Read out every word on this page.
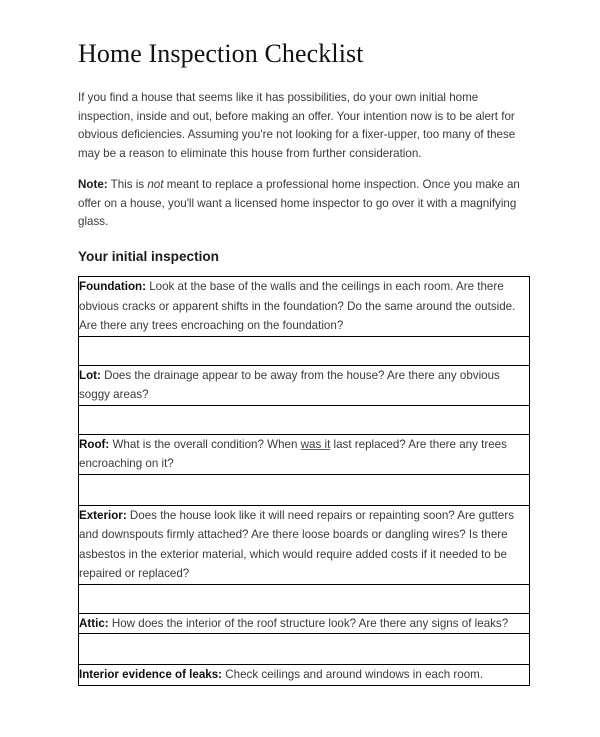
Home Inspection Checklist

If you find a house that seems like it has possibilities, do your own initial home inspection, inside and out, before making an offer. Your intention now is to be alert for obvious deficiencies. Assuming you're not looking for a fixer-upper, too many of these may be a reason to eliminate this house from further consideration.

Note: This is not meant to replace a professional home inspection. Once you make an offer on a house, you'll want a licensed home inspector to go over it with a magnifying glass.

Your initial inspection
Foundation: Look at the base of the walls and the ceilings in each room. Are there obvious cracks or apparent shifts in the foundation? Do the same around the outside. Are there any trees encroaching on the foundation?

Lot: Does the drainage appear to be away from the house? Are there any obvious soggy areas?

Roof: What is the overall condition? When was it last replaced? Are there any trees encroaching on it?

Exterior: Does the house look like it will need repairs or repainting soon? Are gutters and downspouts firmly attached? Are there loose boards or dangling wires? Is there asbestos in the exterior material, which would require added costs if it needed to be repaired or replaced?

Attic: How does the interior of the roof structure look? Are there any signs of leaks?

Interior evidence of leaks: Check ceilings and around windows in each room.
